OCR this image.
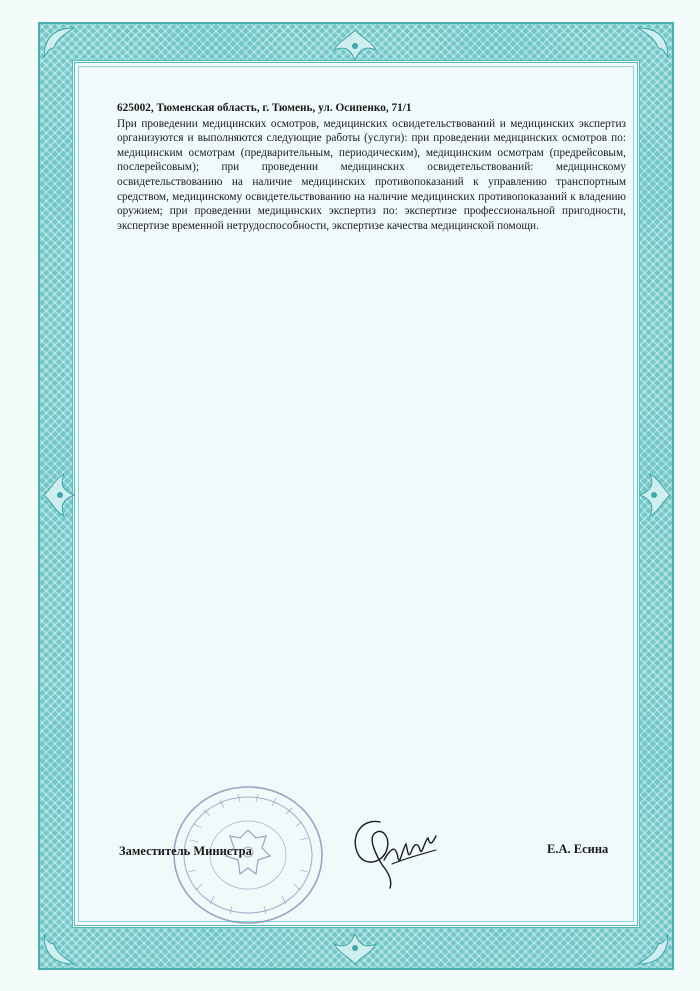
625002, Тюменская область, г. Тюмень, ул. Осипенко, 71/1

При проведении медицинских осмотров, медицинских освидетельствований и медицинских экспертиз организуются и выполняются следующие работы (услуги): при проведении медицинских осмотров по: медицинским осмотрам (предварительным, периодическим), медицинским осмотрам (предрейсовым, послерейсовым); при проведении медицинских освидетельствований: медицинскому освидетельствованию на наличие медицинских противопоказаний к управлению транспортным средством, медицинскому освидетельствованию на наличие медицинских противопоказаний к владению оружием; при проведении медицинских экспертиз по: экспертизе профессиональной пригодности, экспертизе временной нетрудоспособности, экспертизе качества медицинской помощи.

Заместитель Министра	Е.А. Есина
